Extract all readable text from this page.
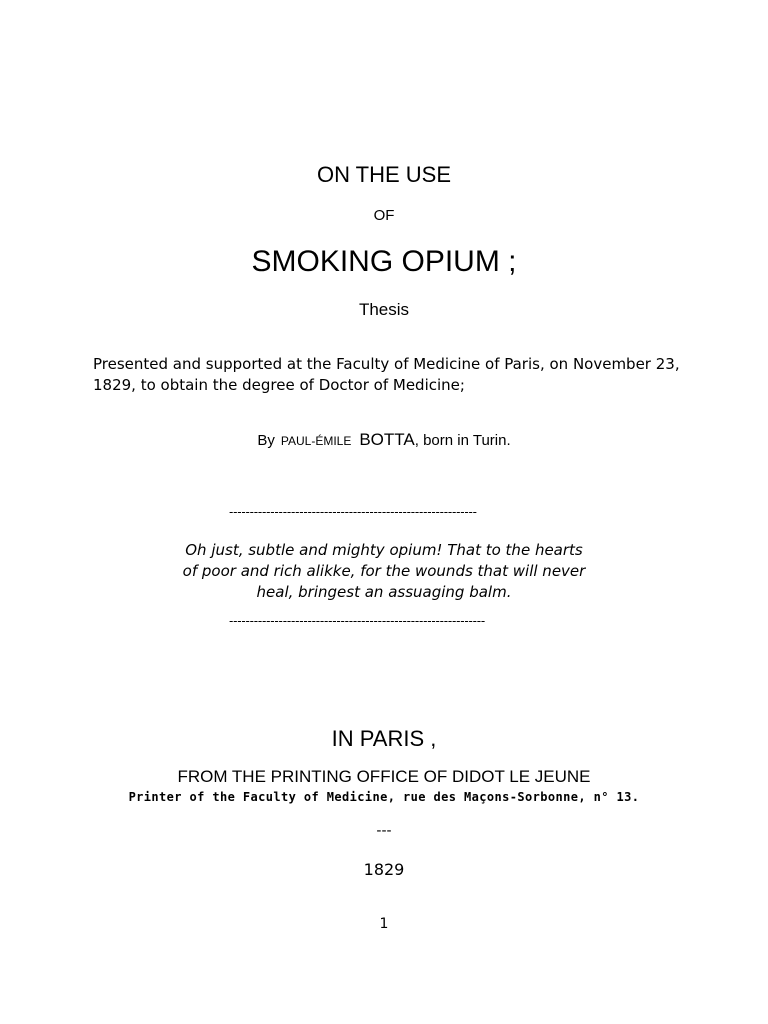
ON THE USE
OF
SMOKING OPIUM ;
Thesis
Presented and supported at the Faculty of Medicine of Paris, on November 23, 1829, to obtain the degree of Doctor of Medicine;
By PAUL-ÉMILE BOTTA, born in Turin.
------------------------------------------------------------
Oh just, subtle and mighty opium! That to the hearts
of poor and rich alikke, for the wounds that will never
heal, bringest an assuaging balm.
--------------------------------------------------------------
IN PARIS ,
FROM THE PRINTING OFFICE OF DIDOT LE JEUNE
Printer of the Faculty of Medicine, rue des Maçons-Sorbonne, n° 13.
---
1829
1
